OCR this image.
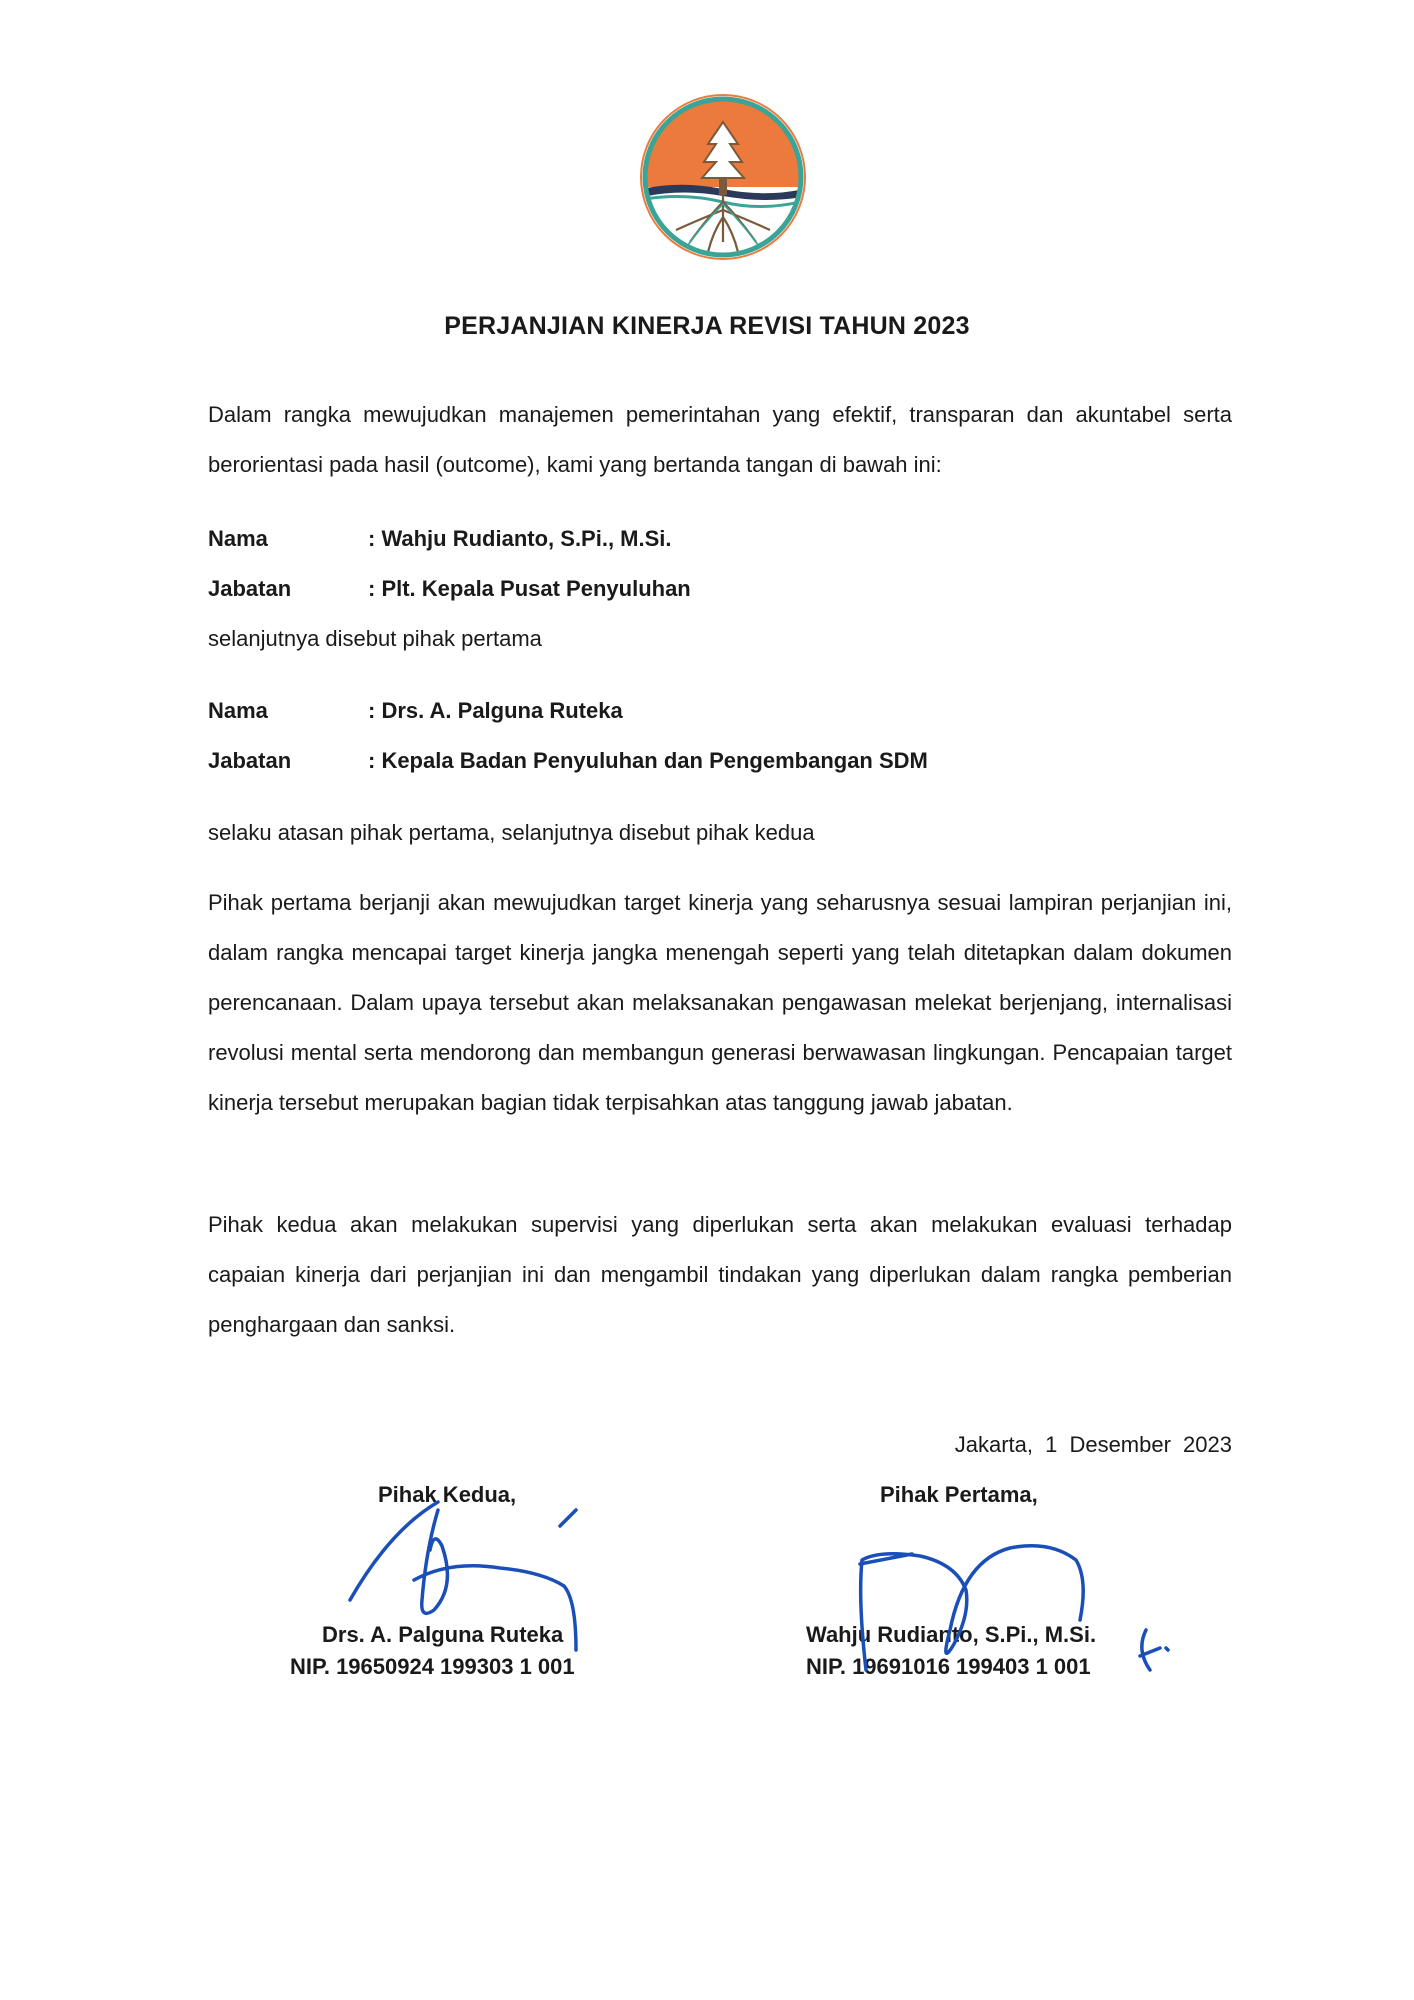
PERJANJIAN KINERJA REVISI TAHUN 2023

Dalam rangka mewujudkan manajemen pemerintahan yang efektif, transparan dan akuntabel serta berorientasi pada hasil (outcome), kami yang bertanda tangan di bawah ini:

Nama	: Wahju Rudianto, S.Pi., M.Si.
Jabatan	: Plt. Kepala Pusat Penyuluhan
selanjutnya disebut pihak pertama
Nama	: Drs. A. Palguna Ruteka
Jabatan	: Kepala Badan Penyuluhan dan Pengembangan SDM
selaku atasan pihak pertama, selanjutnya disebut pihak kedua

Pihak pertama berjanji akan mewujudkan target kinerja yang seharusnya sesuai lampiran perjanjian ini, dalam rangka mencapai target kinerja jangka menengah seperti yang telah ditetapkan dalam dokumen perencanaan. Dalam upaya tersebut akan melaksanakan pengawasan melekat berjenjang, internalisasi revolusi mental serta mendorong dan membangun generasi berwawasan lingkungan. Pencapaian target kinerja tersebut merupakan bagian tidak terpisahkan atas tanggung jawab jabatan.

Pihak kedua akan melakukan supervisi yang diperlukan serta akan melakukan evaluasi terhadap capaian kinerja dari perjanjian ini dan mengambil tindakan yang diperlukan dalam rangka pemberian penghargaan dan sanksi.

Jakarta, 1 Desember 2023
Pihak Kedua,	Pihak Pertama,
Drs. A. Palguna Ruteka
NIP. 19650924 199303 1 001
Wahju Rudianto, S.Pi., M.Si.
NIP. 19691016 199403 1 001
